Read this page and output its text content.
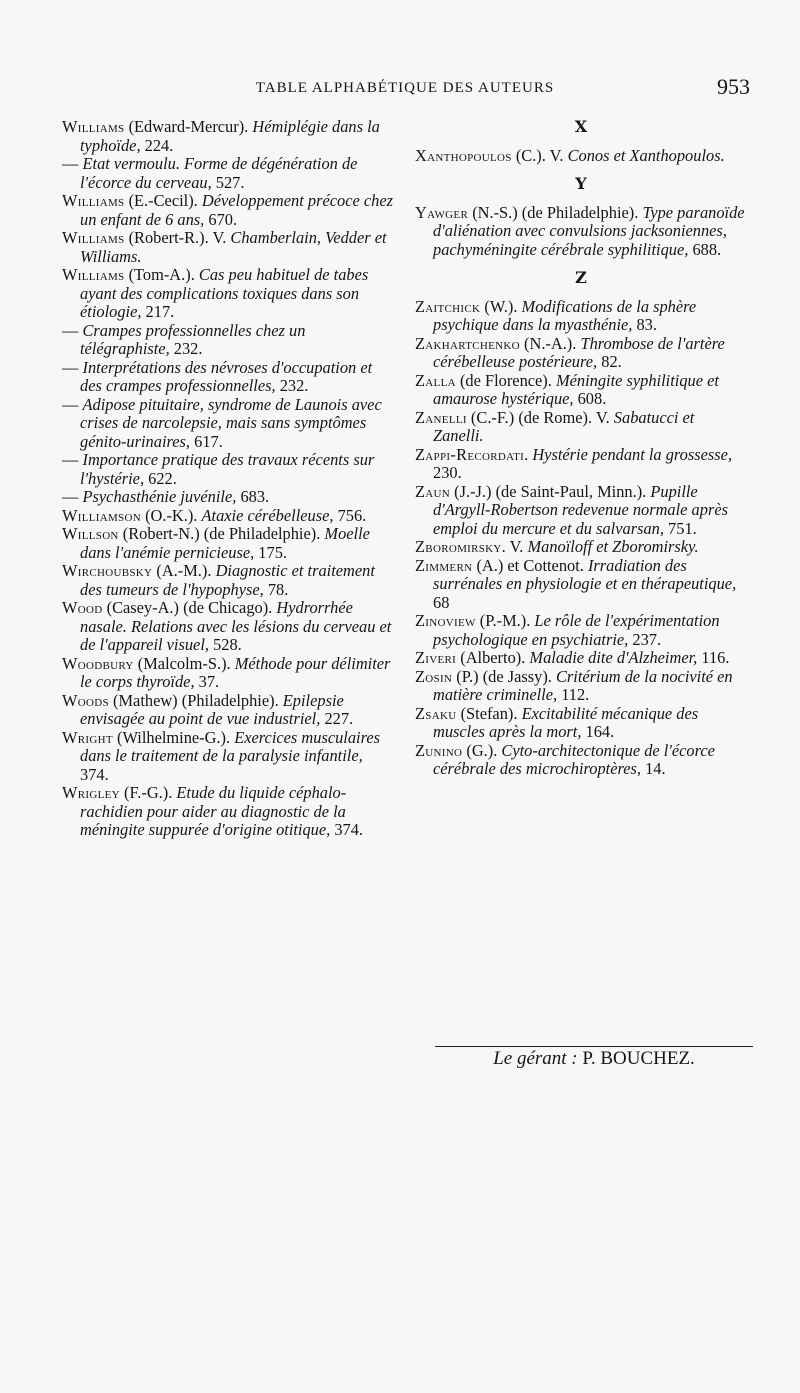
TABLE ALPHABÉTIQUE DES AUTEURS	953

Williams (Edward-Mercur). Hémiplégie dans la typhoïde, 224.

— Etat vermoulu. Forme de dégénération de l'écorce du cerveau, 527.

Williams (E.-Cecil). Développement précoce chez un enfant de 6 ans, 670.

Williams (Robert-R.). V. Chamberlain, Vedder et Williams.

Williams (Tom-A.). Cas peu habituel de tabes ayant des complications toxiques dans son étiologie, 217.

— Crampes professionnelles chez un télégraphiste, 232.

— Interprétations des névroses d'occupation et des crampes professionnelles, 232.

— Adipose pituitaire, syndrome de Launois avec crises de narcolepsie, mais sans symptômes génito-urinaires, 617.

— Importance pratique des travaux récents sur l'hystérie, 622.

— Psychasthénie juvénile, 683.

Williamson (O.-K.). Ataxie cérébelleuse, 756.

Willson (Robert-N.) (de Philadelphie). Moelle dans l'anémie pernicieuse, 175.

Wirchoubsky (A.-M.). Diagnostic et traitement des tumeurs de l'hypophyse, 78.

Wood (Casey-A.) (de Chicago). Hydrorrhée nasale. Relations avec les lésions du cerveau et de l'appareil visuel, 528.

Woodbury (Malcolm-S.). Méthode pour délimiter le corps thyroïde, 37.

Woods (Mathew) (Philadelphie). Epilepsie envisagée au point de vue industriel, 227.

Wright (Wilhelmine-G.). Exercices musculaires dans le traitement de la paralysie infantile, 374.

Wrigley (F.-G.). Etude du liquide céphalo-rachidien pour aider au diagnostic de la méningite suppurée d'origine otitique, 374.

X

Xanthopoulos (C.). V. Conos et Xanthopoulos.

Y

Yawger (N.-S.) (de Philadelphie). Type paranoïde d'aliénation avec convulsions jacksoniennes, pachyméningite cérébrale syphilitique, 688.

Z

Zaitchick (W.). Modifications de la sphère psychique dans la myasthénie, 83.

Zakhartchenko (N.-A.). Thrombose de l'artère cérébelleuse postérieure, 82.

Zalla (de Florence). Méningite syphilitique et amaurose hystérique, 608.

Zanelli (C.-F.) (de Rome). V. Sabatucci et Zanelli.

Zappi-Recordati. Hystérie pendant la grossesse, 230.

Zaun (J.-J.) (de Saint-Paul, Minn.). Pupille d'Argyll-Robertson redevenue normale après emploi du mercure et du salvarsan, 751.

Zboromirsky. V. Manoïloff et Zboromirsky.

Zimmern (A.) et Cottenot. Irradiation des surrénales en physiologie et en thérapeutique, 68

Zinoview (P.-M.). Le rôle de l'expérimentation psychologique en psychiatrie, 237.

Ziveri (Alberto). Maladie dite d'Alzheimer, 116.

Zosin (P.) (de Jassy). Critérium de la nocivité en matière criminelle, 112.

Zsaku (Stefan). Excitabilité mécanique des muscles après la mort, 164.

Zunino (G.). Cyto-architectonique de l'écorce cérébrale des microchiroptères, 14.

Le gérant : P. BOUCHEZ.
